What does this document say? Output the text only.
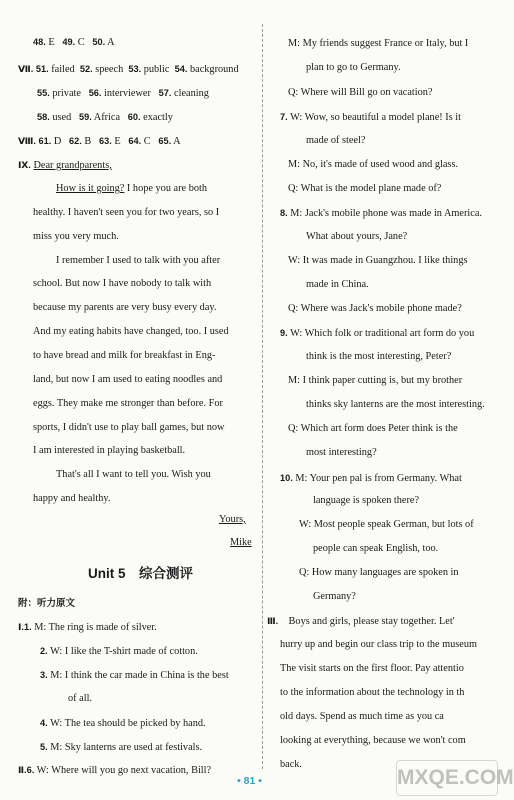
48. E 49. C 50. A
Ⅶ. 51. failed 52. speech 53. public 54. background
55. private 56. interviewer 57. cleaning
58. used 59. Africa 60. exactly
Ⅷ. 61. D 62. B 63. E 64. C 65. A
Ⅸ. Dear grandparents,
How is it going? I hope you are both
healthy. I haven't seen you for two years, so I
miss you very much.
I remember I used to talk with you after
school. But now I have nobody to talk with
because my parents are very busy every day.
And my eating habits have changed, too. I used
to have bread and milk for breakfast in Eng-
land, but now I am used to eating noodles and
eggs. They make me stronger than before. For
sports, I didn't use to play ball games, but now
I am interested in playing basketball.
That's all I want to tell you. Wish you
happy and healthy.
Yours,
Mike
Unit 5　综合测评
附：听力原文
Ⅰ.1. M: The ring is made of silver.
2. W: I like the T-shirt made of cotton.
3. M: I think the car made in China is the best
of all.
4. W: The tea should be picked by hand.
5. M: Sky lanterns are used at festivals.
Ⅱ.6. W: Where will you go next vacation, Bill?
M: My friends suggest France or Italy, but I
plan to go to Germany.
Q: Where will Bill go on vacation?
7. W: Wow, so beautiful a model plane! Is it
made of steel?
M: No, it's made of used wood and glass.
Q: What is the model plane made of?
8. M: Jack's mobile phone was made in America.
What about yours, Jane?
W: It was made in Guangzhou. I like things
made in China.
Q: Where was Jack's mobile phone made?
9. W: Which folk or traditional art form do you
think is the most interesting, Peter?
M: I think paper cutting is, but my brother
thinks sky lanterns are the most interesting.
Q: Which art form does Peter think is the
most interesting?
10. M: Your pen pal is from Germany. What
language is spoken there?
W: Most people speak German, but lots of
people can speak English, too.
Q: How many languages are spoken in
Germany?
Ⅲ. Boys and girls, please stay together. Let'
hurry up and begin our class trip to the museum
The visit starts on the first floor. Pay attentio
to the information about the technology in th
old days. Spend as much time as you ca
looking at everything, because we won't com
back.
MXQE.COM
• 81 •
